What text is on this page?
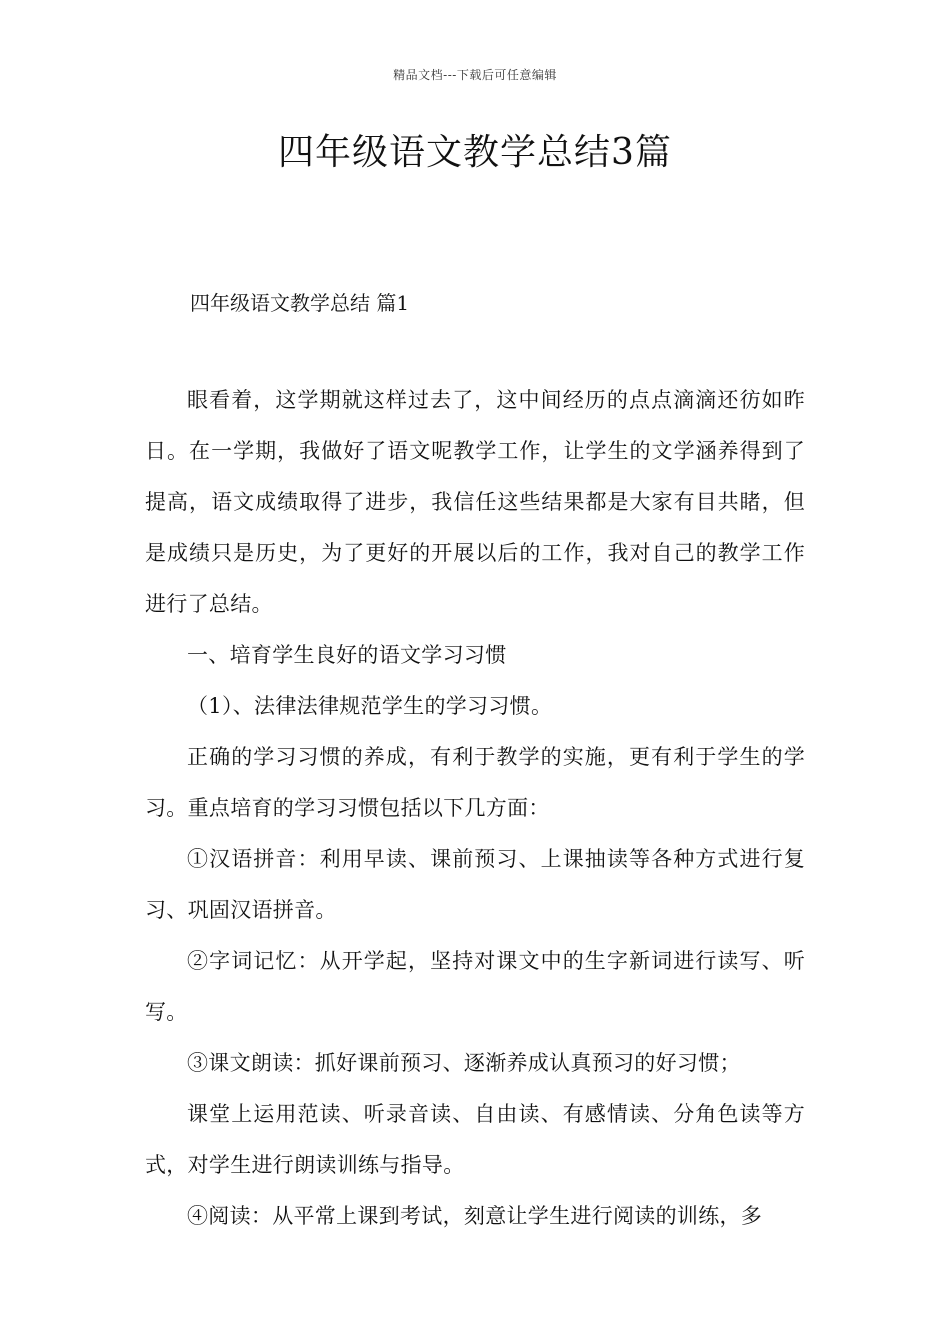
精品文档---下载后可任意编辑
四年级语文教学总结3篇
四年级语文教学总结 篇1

眼看着，这学期就这样过去了，这中间经历的点点滴滴还彷如昨日。在一学期，我做好了语文呢教学工作，让学生的文学涵养得到了提高，语文成绩取得了进步，我信任这些结果都是大家有目共睹，但是成绩只是历史，为了更好的开展以后的工作，我对自己的教学工作进行了总结。

一、培育学生良好的语文学习习惯

（1）、法律法律规范学生的学习习惯。

正确的学习习惯的养成，有利于教学的实施，更有利于学生的学习。重点培育的学习习惯包括以下几方面：

①汉语拼音：利用早读、课前预习、上课抽读等各种方式进行复习、巩固汉语拼音。

②字词记忆：从开学起，坚持对课文中的生字新词进行读写、听写。

③课文朗读：抓好课前预习、逐渐养成认真预习的好习惯；

课堂上运用范读、听录音读、自由读、有感情读、分角色读等方式，对学生进行朗读训练与指导。

④阅读：从平常上课到考试，刻意让学生进行阅读的训练，多
